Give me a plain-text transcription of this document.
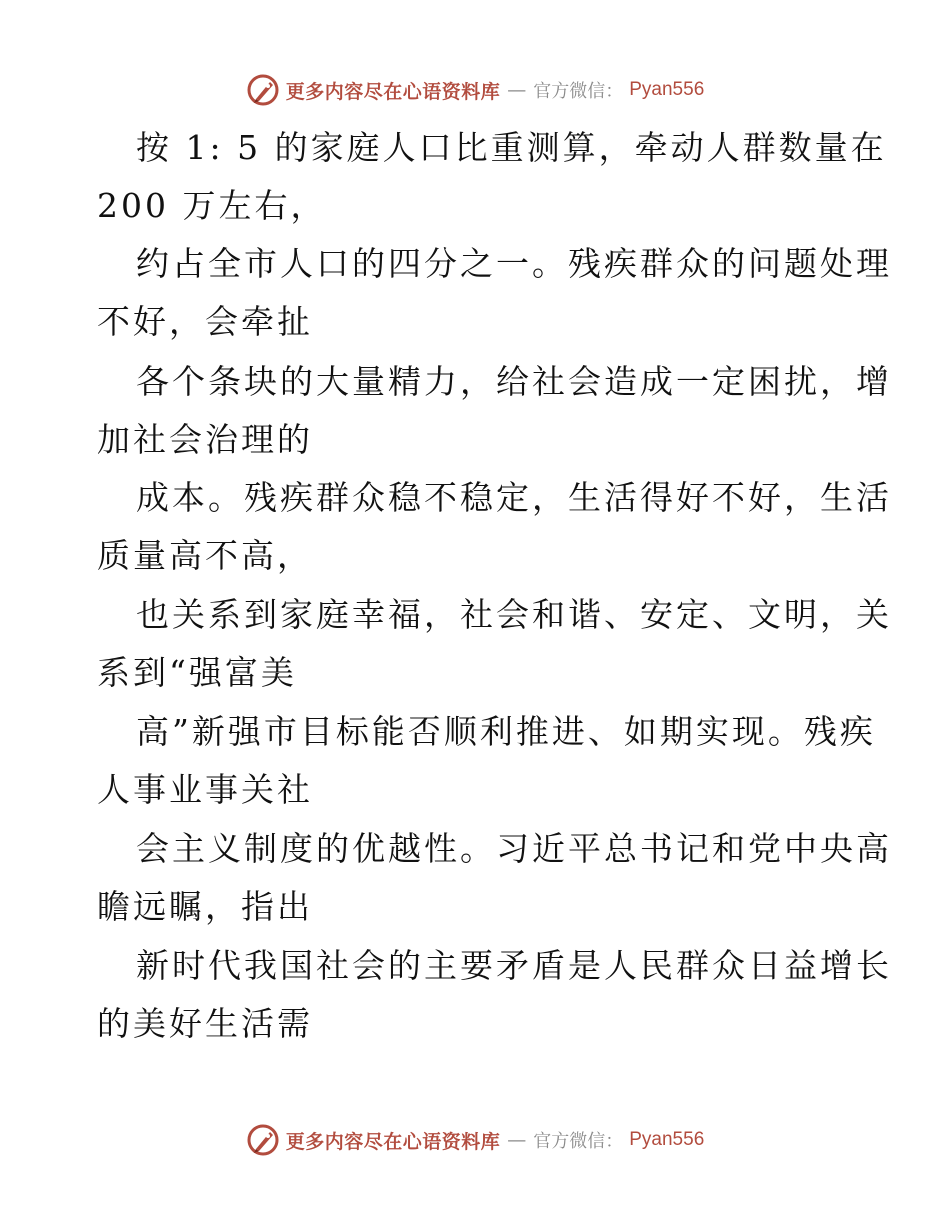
更多内容尽在心语资料库 — 官方微信： Pyan556
按 1: 5 的家庭人口比重测算，牵动人群数量在
200 万左右，
约占全市人口的四分之一。残疾群众的问题处理
不好，会牵扯
各个条块的大量精力，给社会造成一定困扰，增
加社会治理的
成本。残疾群众稳不稳定，生活得好不好，生活
质量高不高，
也关系到家庭幸福，社会和谐、安定、文明，关
系到“强富美
高”新强市目标能否顺利推进、如期实现。残疾
人事业事关社
会主义制度的优越性。习近平总书记和党中央高
瞻远瞩，指出
新时代我国社会的主要矛盾是人民群众日益增长
的美好生活需
更多内容尽在心语资料库 — 官方微信： Pyan556
